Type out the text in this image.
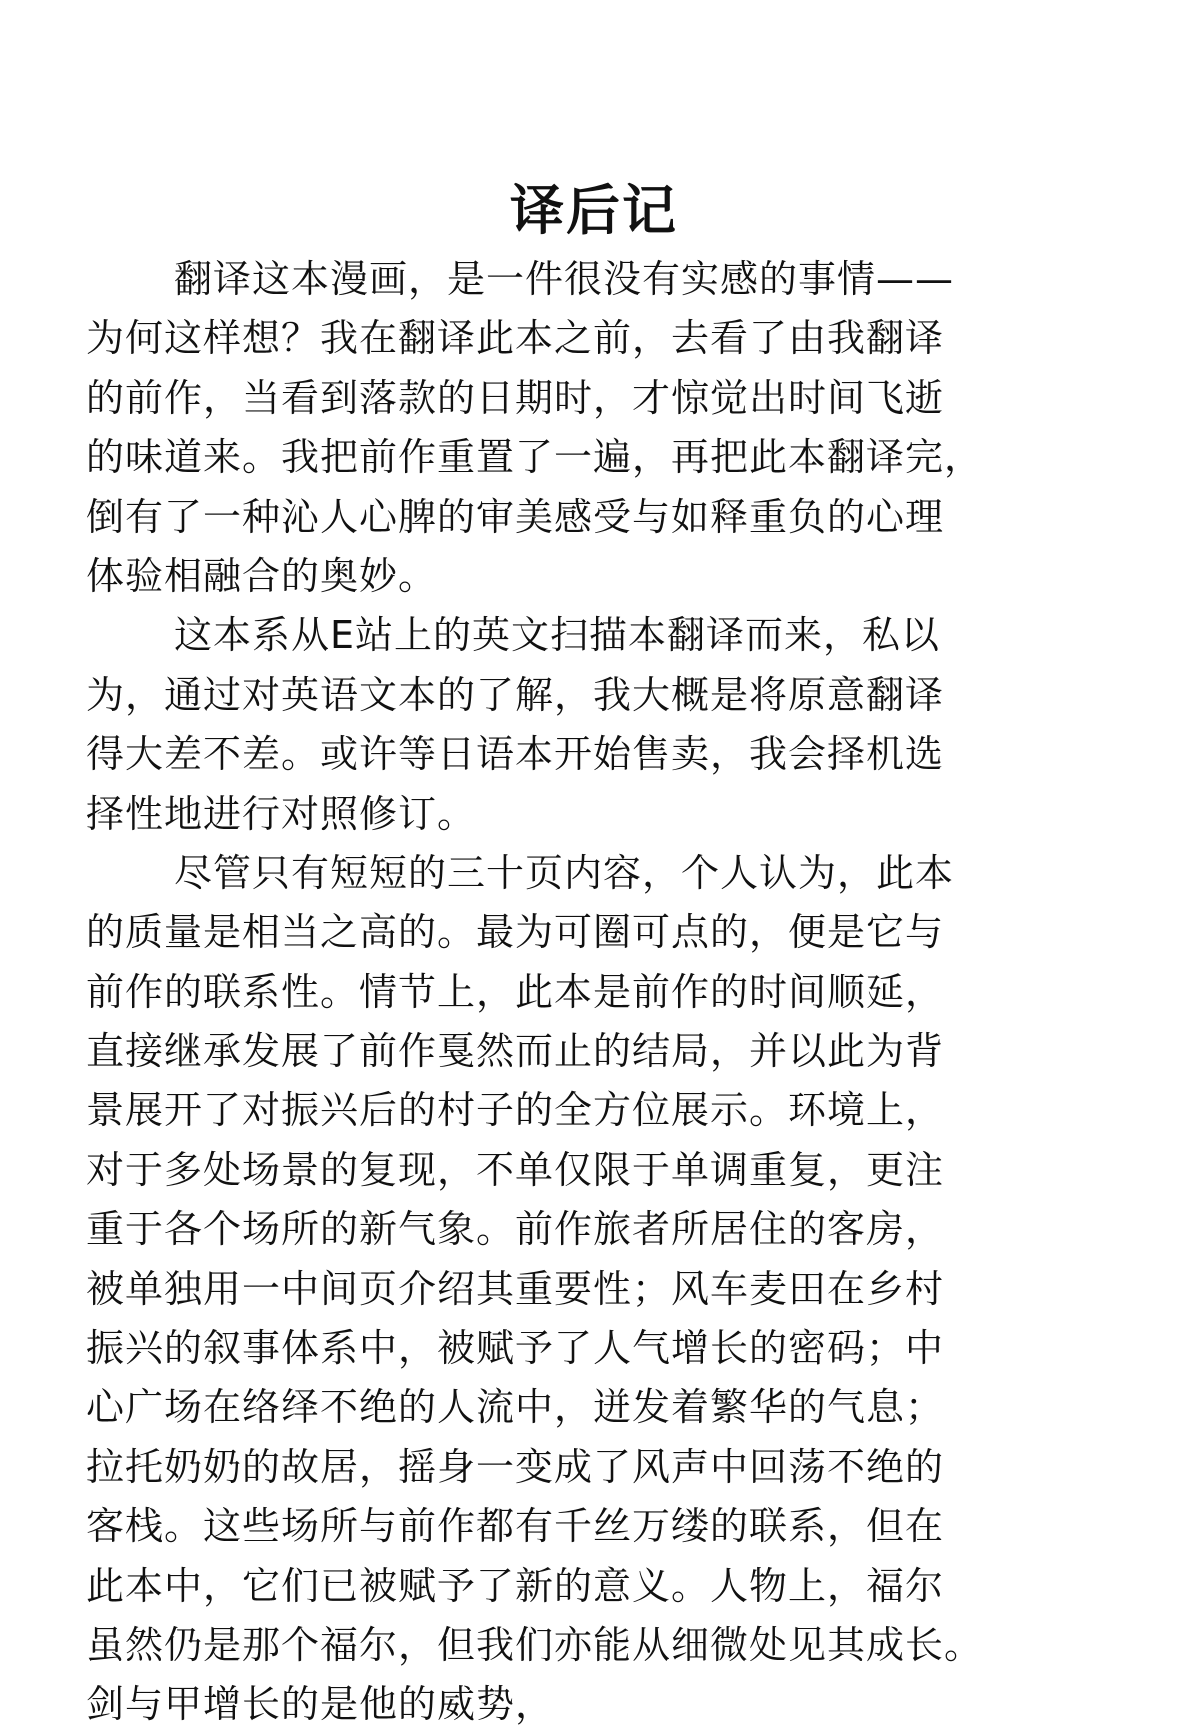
译后记
翻译这本漫画，是一件很没有实感的事情——
为何这样想？我在翻译此本之前，去看了由我翻译
的前作，当看到落款的日期时，才惊觉出时间飞逝
的味道来。我把前作重置了一遍，再把此本翻译完，
倒有了一种沁人心脾的审美感受与如释重负的心理
体验相融合的奥妙。
这本系从E站上的英文扫描本翻译而来，私以
为，通过对英语文本的了解，我大概是将原意翻译
得大差不差。或许等日语本开始售卖，我会择机选
择性地进行对照修订。
尽管只有短短的三十页内容，个人认为，此本
的质量是相当之高的。最为可圈可点的，便是它与
前作的联系性。情节上，此本是前作的时间顺延，
直接继承发展了前作戛然而止的结局，并以此为背
景展开了对振兴后的村子的全方位展示。环境上，
对于多处场景的复现，不单仅限于单调重复，更注
重于各个场所的新气象。前作旅者所居住的客房，
被单独用一中间页介绍其重要性；风车麦田在乡村
振兴的叙事体系中，被赋予了人气增长的密码；中
心广场在络绎不绝的人流中，迸发着繁华的气息；
拉托奶奶的故居，摇身一变成了风声中回荡不绝的
客栈。这些场所与前作都有千丝万缕的联系，但在
此本中，它们已被赋予了新的意义。人物上，福尔
虽然仍是那个福尔，但我们亦能从细微处见其成长。
剑与甲增长的是他的威势，
